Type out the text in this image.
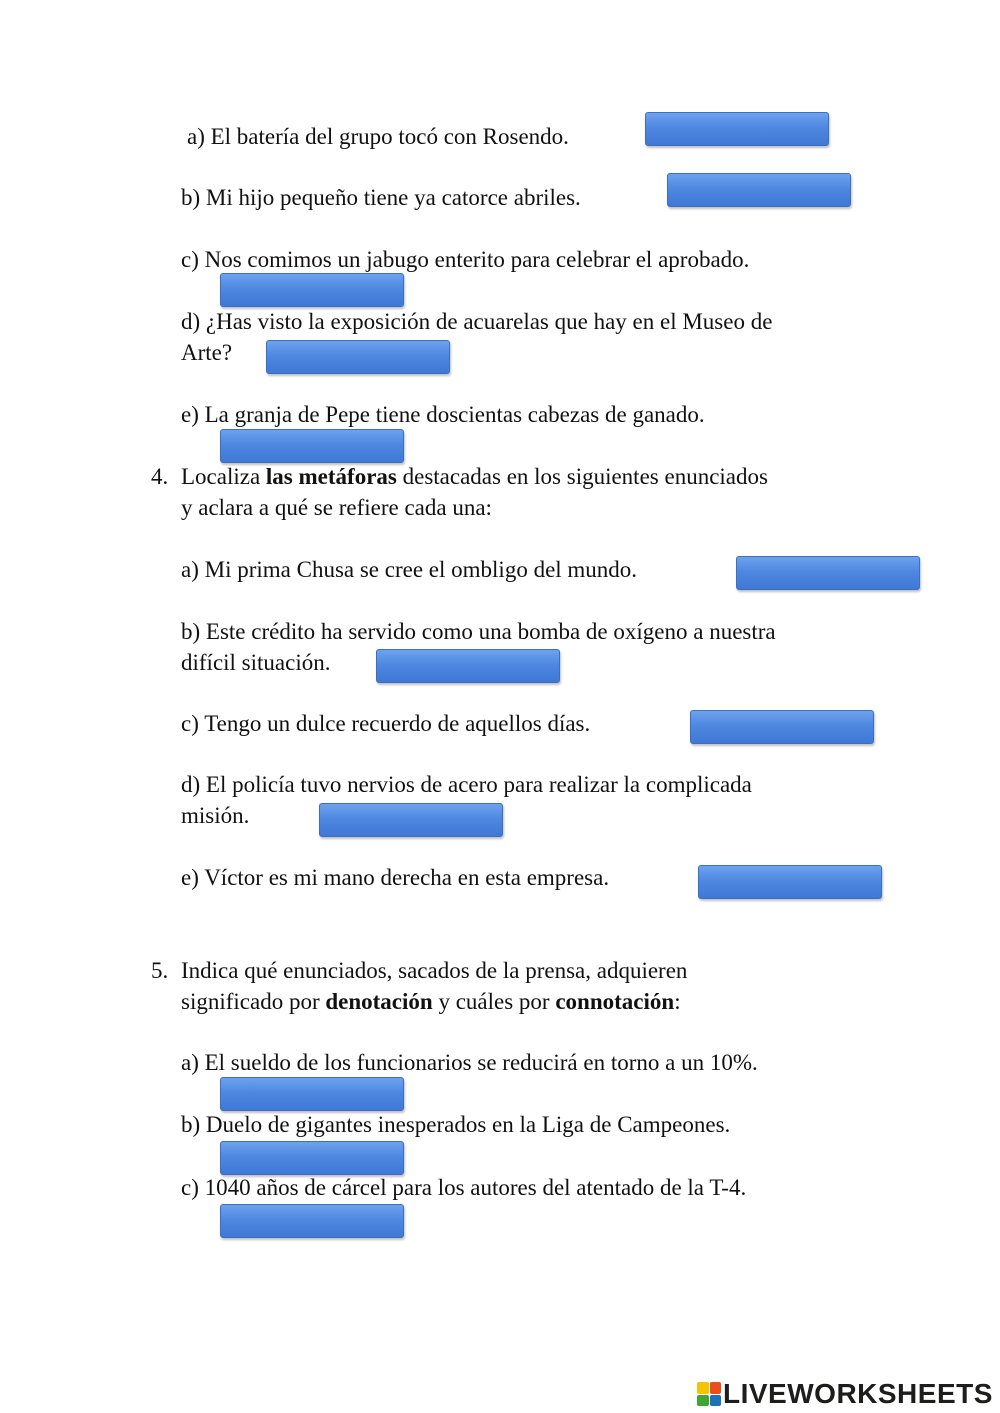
a) El batería del grupo tocó con Rosendo.
b) Mi hijo pequeño tiene ya catorce abriles.
c) Nos comimos un jabugo enterito para celebrar el aprobado.
d) ¿Has visto la exposición de acuarelas que hay en el Museo de
Arte?
e) La granja de Pepe tiene doscientas cabezas de ganado.
4. Localiza las metáforas destacadas en los siguientes enunciados
y aclara a qué se refiere cada una:
a) Mi prima Chusa se cree el ombligo del mundo.
b) Este crédito ha servido como una bomba de oxígeno a nuestra
difícil situación.
c) Tengo un dulce recuerdo de aquellos días.
d) El policía tuvo nervios de acero para realizar la complicada
misión.
e) Víctor es mi mano derecha en esta empresa.
5. Indica qué enunciados, sacados de la prensa, adquieren
significado por denotación y cuáles por connotación:
a) El sueldo de los funcionarios se reducirá en torno a un 10%.
b) Duelo de gigantes inesperados en la Liga de Campeones.
c) 1040 años de cárcel para los autores del atentado de la T-4.
LIVEWORKSHEETS
